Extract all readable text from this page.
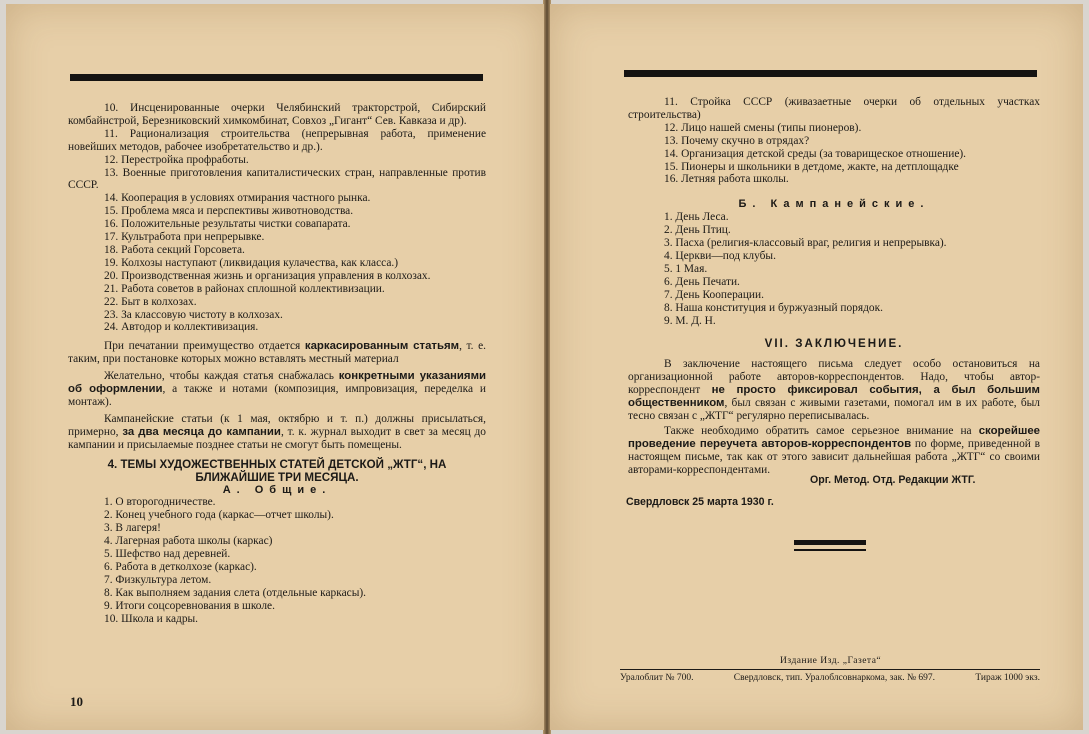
10. Инсценированные очерки Челябинский тракторстрой, Сибирский комбайнстрой, Березниковский химкомбинат, Совхоз „Гигант“ Сев. Кавказа и др).

11. Рационализация строительства (непрерывная работа, применение новейших методов, рабочее изобретательство и др.).

12. Перестройка профработы.

13. Военные приготовления капиталистических стран, направленные против СССР.

14. Кооперация в условиях отмирания частного рынка.

15. Проблема мяса и перспективы животноводства.

16. Положительные результаты чистки совапарата.

17. Культработа при непрерывке.

18. Работа секций Горсовета.

19. Колхозы наступают (ликвидация кулачества, как класса.)

20. Производственная жизнь и организация управления в колхозах.

21. Работа советов в районах сплошной коллективизации.

22. Быт в колхозах.

23. За классовую чистоту в колхозах.

24. Автодор и коллективизация.

При печатании преимущество отдается каркасированным статьям, т. е. таким, при постановке которых можно вставлять местный материал

Желательно, чтобы каждая статья снабжалась конкретными указаниями об оформлении, а также и нотами (композиция, импровизация, переделка и монтаж).

Кампанейские статьи (к 1 мая, октябрю и т. п.) должны присылаться, примерно, за два месяца до кампании, т. к. журнал выходит в свет за месяц до кампании и присылаемые позднее статьи не смогут быть помещены.

4. ТЕМЫ ХУДОЖЕСТВЕННЫХ СТАТЕЙ ДЕТСКОЙ „ЖТГ“, НА БЛИЖАЙШИЕ ТРИ МЕСЯЦА.

А. Общие.

1. О второгодничестве.

2. Конец учебного года (каркас—отчет школы).

3. В лагеря!

4. Лагерная работа школы (каркас)

5. Шефство над деревней.

6. Работа в детколхозе (каркас).

7. Физкультура летом.

8. Как выполняем задания слета (отдельные каркасы).

9. Итоги соцсоревнования в школе.

10. Школа и кадры.

10

11. Стройка СССР (живазаетные очерки об отдельных участках строительства)

12. Лицо нашей смены (типы пионеров).

13. Почему скучно в отрядах?

14. Организация детской среды (за товарищеское отношение).

15. Пионеры и школьники в детдоме, жакте, на детплощадке

16. Летняя работа школы.

Б. Кампанейские.

1. День Леса.

2. День Птиц.

3. Пасха (религия-классовый враг, религия и непрерывка).

4. Церкви—под клубы.

5. 1 Мая.

6. День Печати.

7. День Кооперации.

8. Наша конституция и буржуазный порядок.

9. М. Д. Н.

VII. ЗАКЛЮЧЕНИЕ.

В заключение настоящего письма следует особо остановиться на организационной работе авторов-корреспондентов. Надо, чтобы автор-корреспондент не просто фиксировал события, а был большим общественником, был связан с живыми газетами, помогал им в их работе, был тесно связан с „ЖТГ“ регулярно переписывалась.

Также необходимо обратить самое серьезное внимание на скорейшее проведение переучета авторов-корреспондентов по форме, приведенной в настоящем письме, так как от этого зависит дальнейшая работа „ЖТГ“ со своими авторами-корреспондентами.

Орг. Метод. Отд. Редакции ЖТГ.
Свердловск 25 марта 1930 г.
Издание Изд. „Газета“
Уралоблит № 700.	Свердловск, тип. Уралоблсовнаркома, зак. № 697.	Тираж 1000 экз.
